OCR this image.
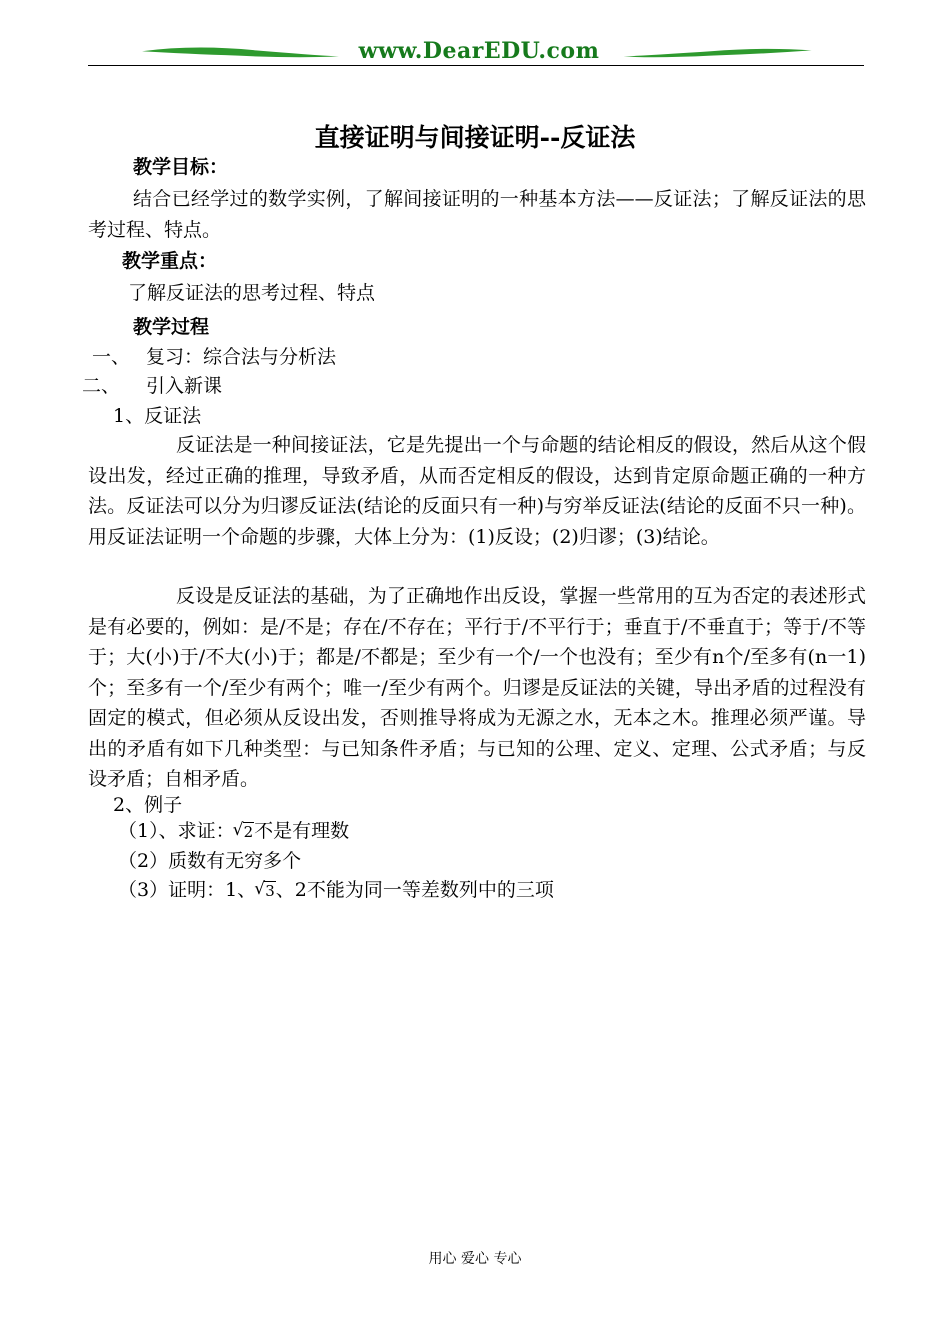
www.DearEDU.com
直接证明与间接证明--反证法
教学目标：
结合已经学过的数学实例，了解间接证明的一种基本方法——反证法；了解反证法的思考过程、特点。
教学重点：
了解反证法的思考过程、特点
教学过程
一、 复习：综合法与分析法
二、 引入新课
1、反证法
反证法是一种间接证法，它是先提出一个与命题的结论相反的假设，然后从这个假设出发，经过正确的推理，导致矛盾，从而否定相反的假设，达到肯定原命题正确的一种方法。反证法可以分为归谬反证法(结论的反面只有一种)与穷举反证法(结论的反面不只一种)。用反证法证明一个命题的步骤，大体上分为：(1)反设；(2)归谬；(3)结论。
反设是反证法的基础，为了正确地作出反设，掌握一些常用的互为否定的表述形式是有必要的，例如：是/不是；存在/不存在；平行于/不平行于；垂直于/不垂直于；等于/不等于；大(小)于/不大(小)于；都是/不都是；至少有一个/一个也没有；至少有n个/至多有(n一1)个；至多有一个/至少有两个；唯一/至少有两个。归谬是反证法的关键，导出矛盾的过程没有固定的模式，但必须从反设出发，否则推导将成为无源之水，无本之木。推理必须严谨。导出的矛盾有如下几种类型：与已知条件矛盾；与已知的公理、定义、定理、公式矛盾；与反设矛盾；自相矛盾。
2、例子
（1）、求证： √ 2不是有理数
（2）质数有无穷多个
（3）证明：1、 √ 3、2不能为同一等差数列中的三项
用心 爱心 专心
